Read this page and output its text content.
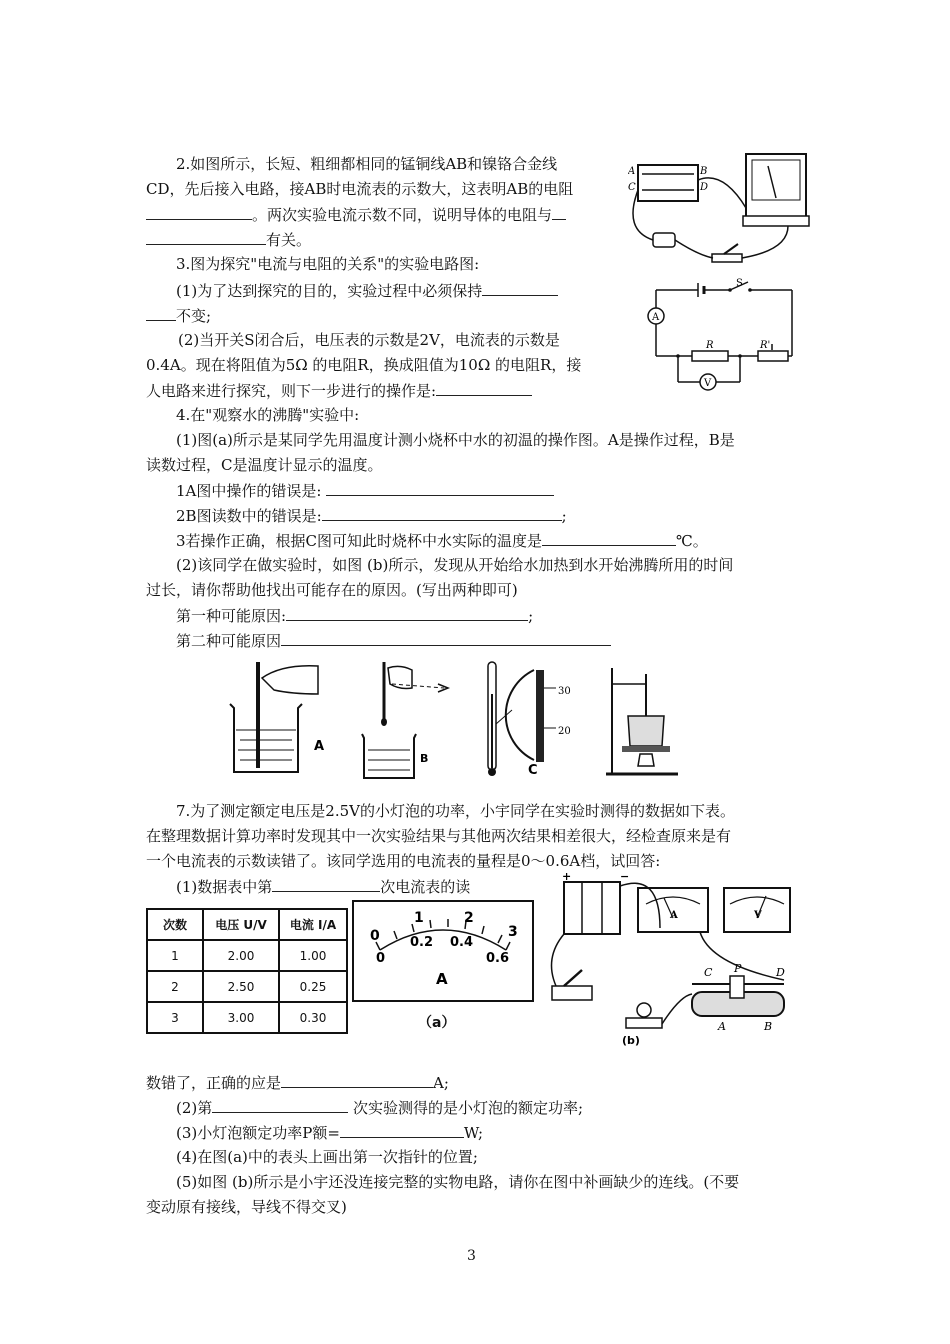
2.如图所示，长短、粗细都相同的锰铜线AB和镍铬合金线
CD，先后接入电路，接AB时电流表的示数大，这表明AB的电阻
。两次实验电流示数不同，说明导体的电阻与
有关。
A
C
B
D
3.图为探究"电流与电阻的关系"的实验电路图:
(1)为了达到探究的目的，实验过程中必须保持
不变;
(2)当开关S闭合后，电压表的示数是2V，电流表的示数是
0.4A。现在将阻值为5Ω 的电阻R，换成阻值为10Ω 的电阻R，接
人电路来进行探究，则下一步进行的操作是:
S
A
R	R'
V
4.在"观察水的沸腾"实验中:
(1)图(a)所示是某同学先用温度计测小烧杯中水的初温的操作图。A是操作过程，B是
读数过程，C是温度计显示的温度。
1A图中操作的错误是:
2B图读数中的错误是:	;
3若操作正确，根据C图可知此时烧杯中水实际的温度是	℃。
(2)该同学在做实验时，如图 (b)所示，发现从开始给水加热到水开始沸腾所用的时间
过长，请你帮助他找出可能存在的原因。(写出两种即可)
第一种可能原因:	;
第二种可能原因
A
B
30
20
C
7.为了测定额定电压是2.5V的小灯泡的功率，小宇同学在实验时测得的数据如下表。
在整理数据计算功率时发现其中一次实验结果与其他两次结果相差很大，经检查原来是有
一个电流表的示数读错了。该同学选用的电流表的量程是0～0.6A档，试回答:
(1)数据表中第	次电流表的读
次数	电压 U/V	电流 I/A
1	2.00	1.00
2	2.50	0.25
3	3.00	0.30
0
1	2
3
0
0.2 0.4
0.6
A
（a）
+	−
A	V
C P	D
A	B
(b)
数错了，正确的应是	A;
(2)第	次实验测得的是小灯泡的额定功率;
(3)小灯泡额定功率P额=	W;
(4)在图(a)中的表头上画出第一次指针的位置;
(5)如图 (b)所示是小宇还没连接完整的实物电路，请你在图中补画缺少的连线。(不要
变动原有接线，导线不得交叉)
3
